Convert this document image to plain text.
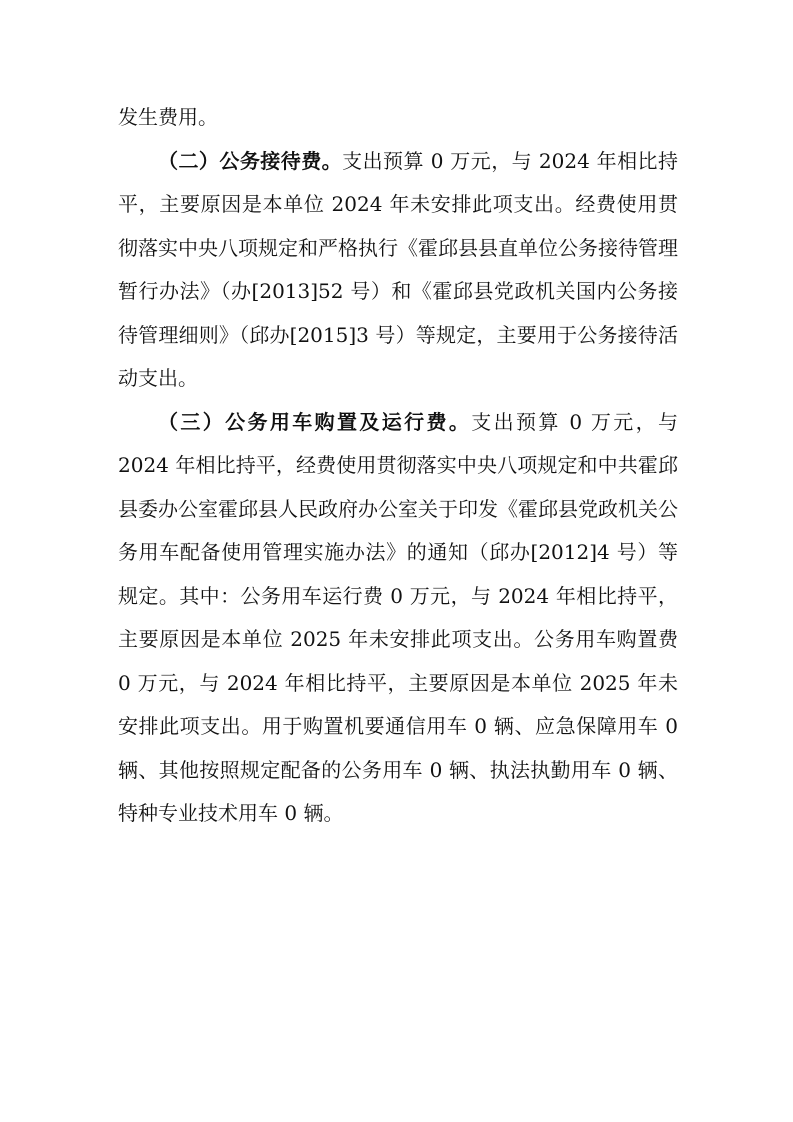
发生费用。

（二）公务接待费。支出预算 0 万元，与 2024 年相比持平，主要原因是本单位 2024 年未安排此项支出。经费使用贯彻落实中央八项规定和严格执行《霍邱县县直单位公务接待管理暂行办法》（办[2013]52 号）和《霍邱县党政机关国内公务接待管理细则》（邱办[2015]3 号）等规定，主要用于公务接待活动支出。

（三）公务用车购置及运行费。支出预算 0 万元，与 2024 年相比持平，经费使用贯彻落实中央八项规定和中共霍邱县委办公室霍邱县人民政府办公室关于印发《霍邱县党政机关公务用车配备使用管理实施办法》的通知（邱办[2012]4 号）等规定。其中：公务用车运行费 0 万元，与 2024 年相比持平，主要原因是本单位 2025 年未安排此项支出。公务用车购置费 0 万元，与 2024 年相比持平，主要原因是本单位 2025 年未安排此项支出。用于购置机要通信用车 0 辆、应急保障用车 0 辆、其他按照规定配备的公务用车 0 辆、执法执勤用车 0 辆、特种专业技术用车 0 辆。
